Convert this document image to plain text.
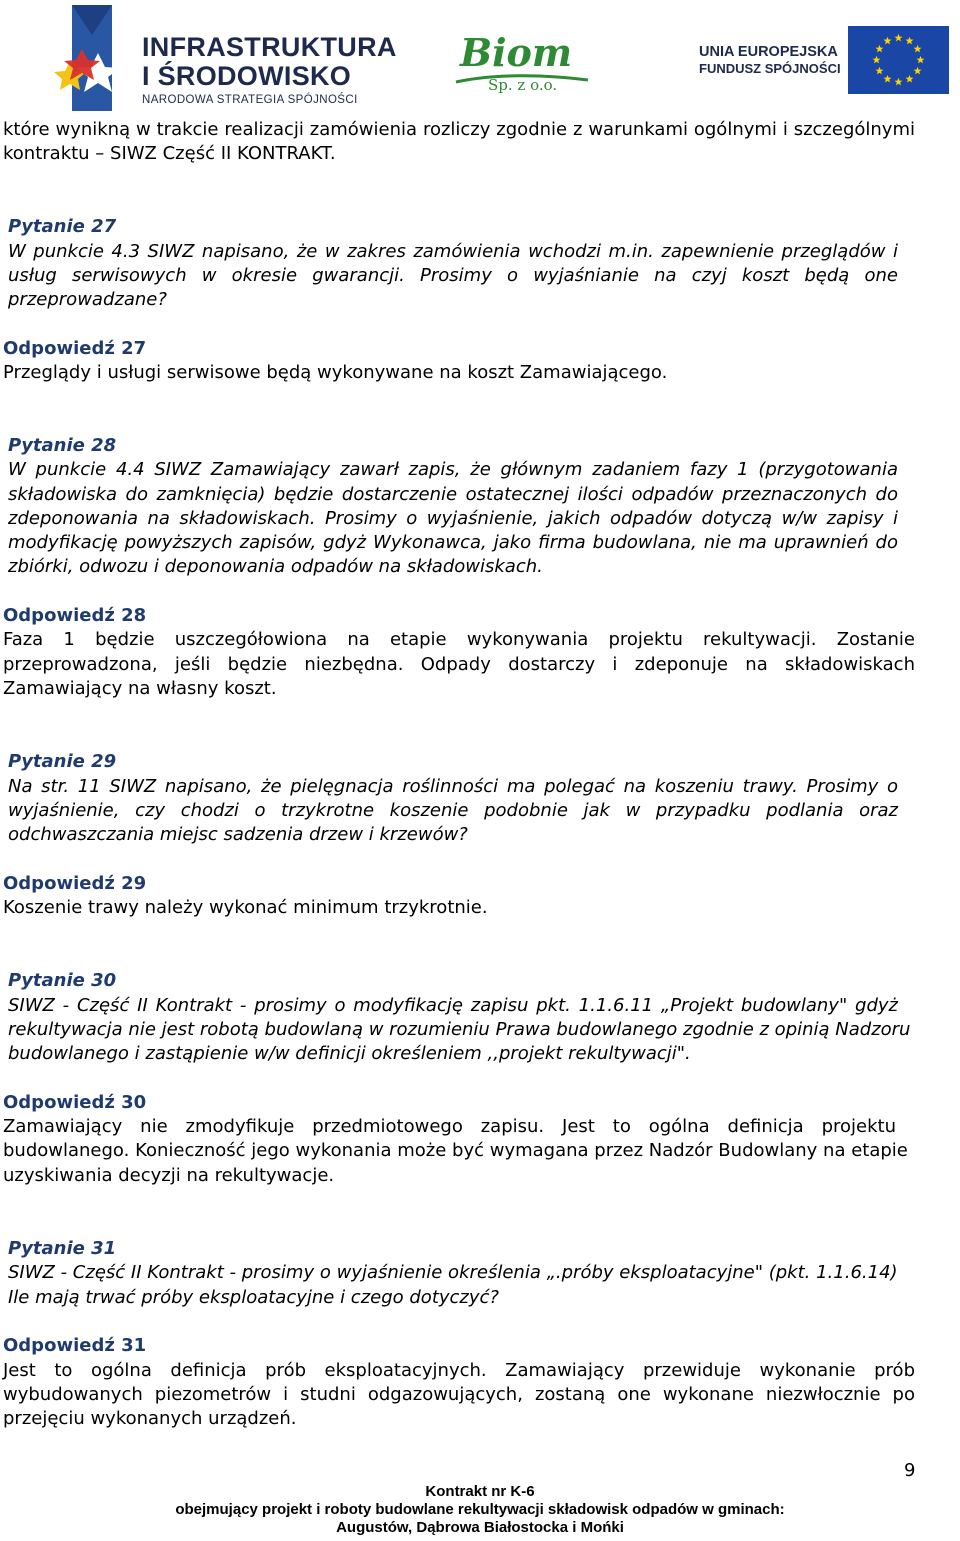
INFRASTRUKTURA
I ŚRODOWISKO
NARODOWA STRATEGIA SPÓJNOŚCI
Biom
Sp. z o.o.
UNIA EUROPEJSKA
FUNDUSZ SPÓJNOŚCI
które wynikną w trakcie realizacji zamówienia rozliczy zgodnie z warunkami ogólnymi i szczególnymi
kontraktu – SIWZ Część II KONTRAKT.
Pytanie 27
W punkcie 4.3 SIWZ napisano, że w zakres zamówienia wchodzi m.in. zapewnienie przeglądów i
usług serwisowych w okresie gwarancji. Prosimy o wyjaśnianie na czyj koszt będą one
przeprowadzane?
Odpowiedź 27
Przeglądy i usługi serwisowe będą wykonywane na koszt Zamawiającego.
Pytanie 28
W punkcie 4.4 SIWZ Zamawiający zawarł zapis, że głównym zadaniem fazy 1 (przygotowania
składowiska do zamknięcia) będzie dostarczenie ostatecznej ilości odpadów przeznaczonych do
zdeponowania na składowiskach. Prosimy o wyjaśnienie, jakich odpadów dotyczą w/w zapisy i
modyfikację powyższych zapisów, gdyż Wykonawca, jako firma budowlana, nie ma uprawnień do
zbiórki, odwozu i deponowania odpadów na składowiskach.
Odpowiedź 28
Faza 1 będzie uszczegółowiona na etapie wykonywania projektu rekultywacji. Zostanie
przeprowadzona, jeśli będzie niezbędna. Odpady dostarczy i zdeponuje na składowiskach
Zamawiający na własny koszt.
Pytanie 29
Na str. 11 SIWZ napisano, że pielęgnacja roślinności ma polegać na koszeniu trawy. Prosimy o
wyjaśnienie, czy chodzi o trzykrotne koszenie podobnie jak w przypadku podlania oraz
odchwaszczania miejsc sadzenia drzew i krzewów?
Odpowiedź 29
Koszenie trawy należy wykonać minimum trzykrotnie.
Pytanie 30
SIWZ - Część II Kontrakt - prosimy o modyfikację zapisu pkt. 1.1.6.11 „Projekt budowlany" gdyż
rekultywacja nie jest robotą budowlaną w rozumieniu Prawa budowlanego zgodnie z opinią Nadzoru
budowlanego i zastąpienie w/w definicji określeniem ,,projekt rekultywacji".
Odpowiedź 30
Zamawiający nie zmodyfikuje przedmiotowego zapisu. Jest to ogólna definicja projektu
budowlanego. Konieczność jego wykonania może być wymagana przez Nadzór Budowlany na etapie
uzyskiwania decyzji na rekultywacje.
Pytanie 31
SIWZ - Część II Kontrakt - prosimy o wyjaśnienie określenia „.próby eksploatacyjne" (pkt. 1.1.6.14)
Ile mają trwać próby eksploatacyjne i czego dotyczyć?
Odpowiedź 31
Jest to ogólna definicja prób eksploatacyjnych. Zamawiający przewiduje wykonanie prób
wybudowanych piezometrów i studni odgazowujących, zostaną one wykonane niezwłocznie po
przejęciu wykonanych urządzeń.
9
Kontrakt nr K-6
obejmujący projekt i roboty budowlane rekultywacji składowisk odpadów w gminach:
Augustów, Dąbrowa Białostocka i Mońki
